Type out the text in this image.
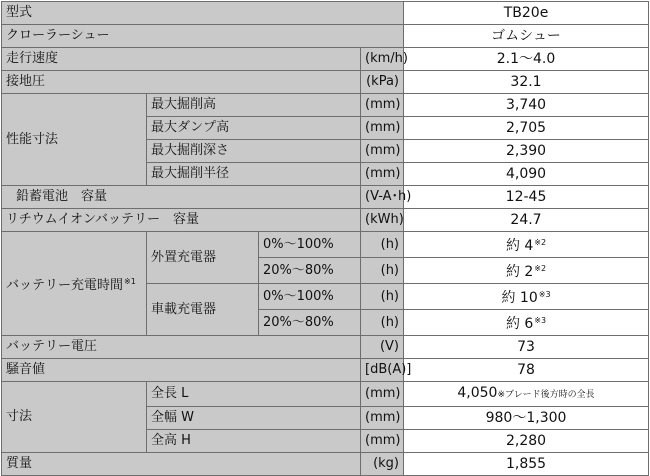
型式				TB20e
クローラーシュー				ゴムシュー
走行速度			(km/h)	2.1〜4.0
接地圧			(kPa)	32.1
性能寸法	最大掘削高		(mm)	3,740
	最大ダンプ高		(mm)	2,705
	最大掘削深さ		(mm)	2,390
	最大掘削半径		(mm)	4,090
鉛蓄電池　容量			(V-A･h)	12-45
リチウムイオンバッテリー　容量			(kWh)	24.7
バッテリー充電時間$^{※1}$	外置充電器	0%〜100%	(h)	約 4$^{※2}$
		20%〜80%	(h)	約 2$^{※2}$
	車載充電器	0%〜100%	(h)	約 10$^{※3}$
		20%〜80%	(h)	約 6$^{※3}$
バッテリー電圧			(V)	73
騒音値			[dB(A)]	78
寸法	全長 L		(mm)	4,050※ブレード後方時の全長
	全幅 W		(mm)	980〜1,300
	全高 H		(mm)	2,280
質量			(kg)	1,855
